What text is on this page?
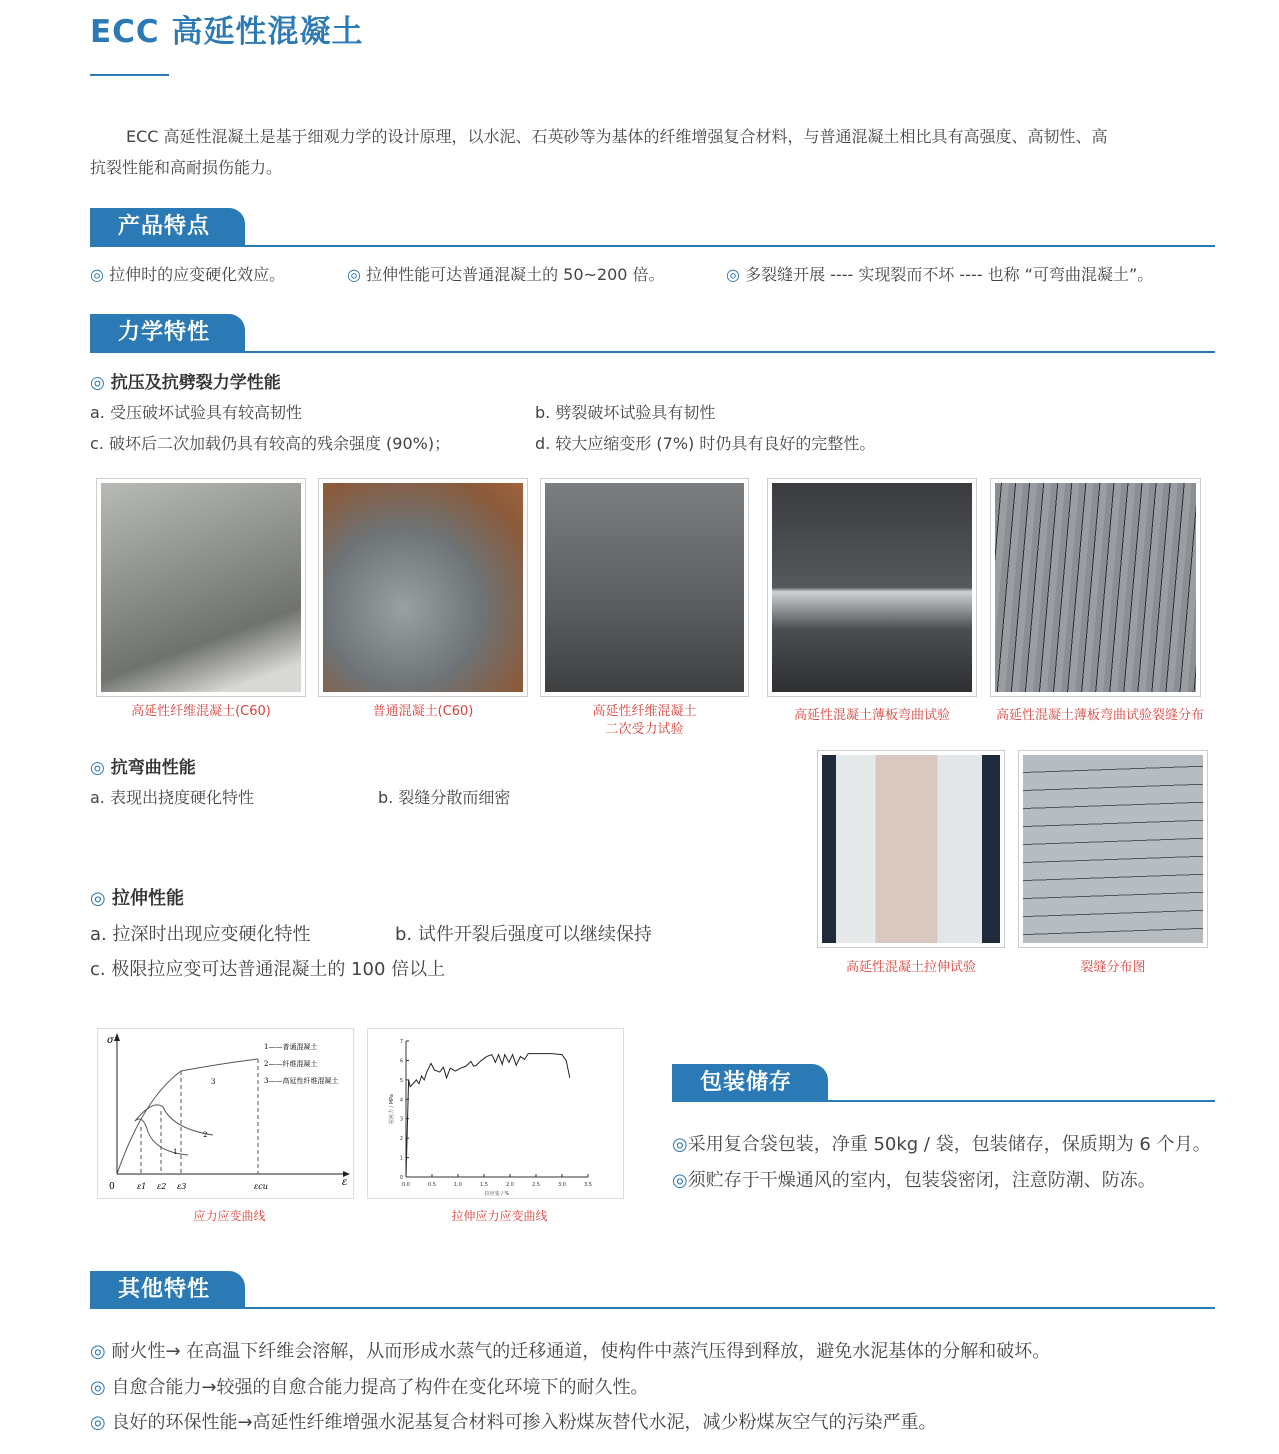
ECC 高延性混凝土
ECC 高延性混凝土是基于细观力学的设计原理，以水泥、石英砂等为基体的纤维增强复合材料，与普通混凝土相比具有高强度、高韧性、高
抗裂性能和高耐损伤能力。
产品特点
◎ 拉伸时的应变硬化效应。	◎ 拉伸性能可达普通混凝土的 50~200 倍。	◎ 多裂缝开展 ---- 实现裂而不坏 ---- 也称 “可弯曲混凝土”。
力学特性
◎ 抗压及抗劈裂力学性能
a. 受压破坏试验具有较高韧性	b. 劈裂破坏试验具有韧性
c. 破坏后二次加载仍具有较高的残余强度 (90%)；	d. 较大应缩变形 (7%) 时仍具有良好的完整性。
高延性纤维混凝土(C60)	普通混凝土(C60)	高延性纤维混凝土
二次受力试验
高延性混凝土薄板弯曲试验	高延性混凝土薄板弯曲试验裂缝分布
◎ 抗弯曲性能
a. 表现出挠度硬化特性	b. 裂缝分散而细密
◎ 拉伸性能
a. 拉深时出现应变硬化特性	b. 试件开裂后强度可以继续保持
c. 极限拉应变可达普通混凝土的 100 倍以上	高延性混凝土拉伸试验	裂缝分布图
σ
ε
0	ε1 ε2 ε3	εcu
3
2
1
1——普通混凝土
2——纤维混凝土
3——高延性纤维混凝土
应力应变曲线
0.0	0.5	1.0	1.5	2.0	2.5	3.0	3.5
0
1
2
3
4
5
6
7
拉应变 / %
拉应力 / MPa
拉伸应力应变曲线
包装储存
◎采用复合袋包装，净重 50kg / 袋，包装储存，保质期为 6 个月。
◎须贮存于干燥通风的室内，包装袋密闭，注意防潮、防冻。
其他特性
◎ 耐火性→ 在高温下纤维会溶解，从而形成水蒸气的迁移通道，使构件中蒸汽压得到释放，避免水泥基体的分解和破坏。
◎ 自愈合能力→较强的自愈合能力提高了构件在变化环境下的耐久性。
◎ 良好的环保性能→高延性纤维增强水泥基复合材料可掺入粉煤灰替代水泥，减少粉煤灰空气的污染严重。
